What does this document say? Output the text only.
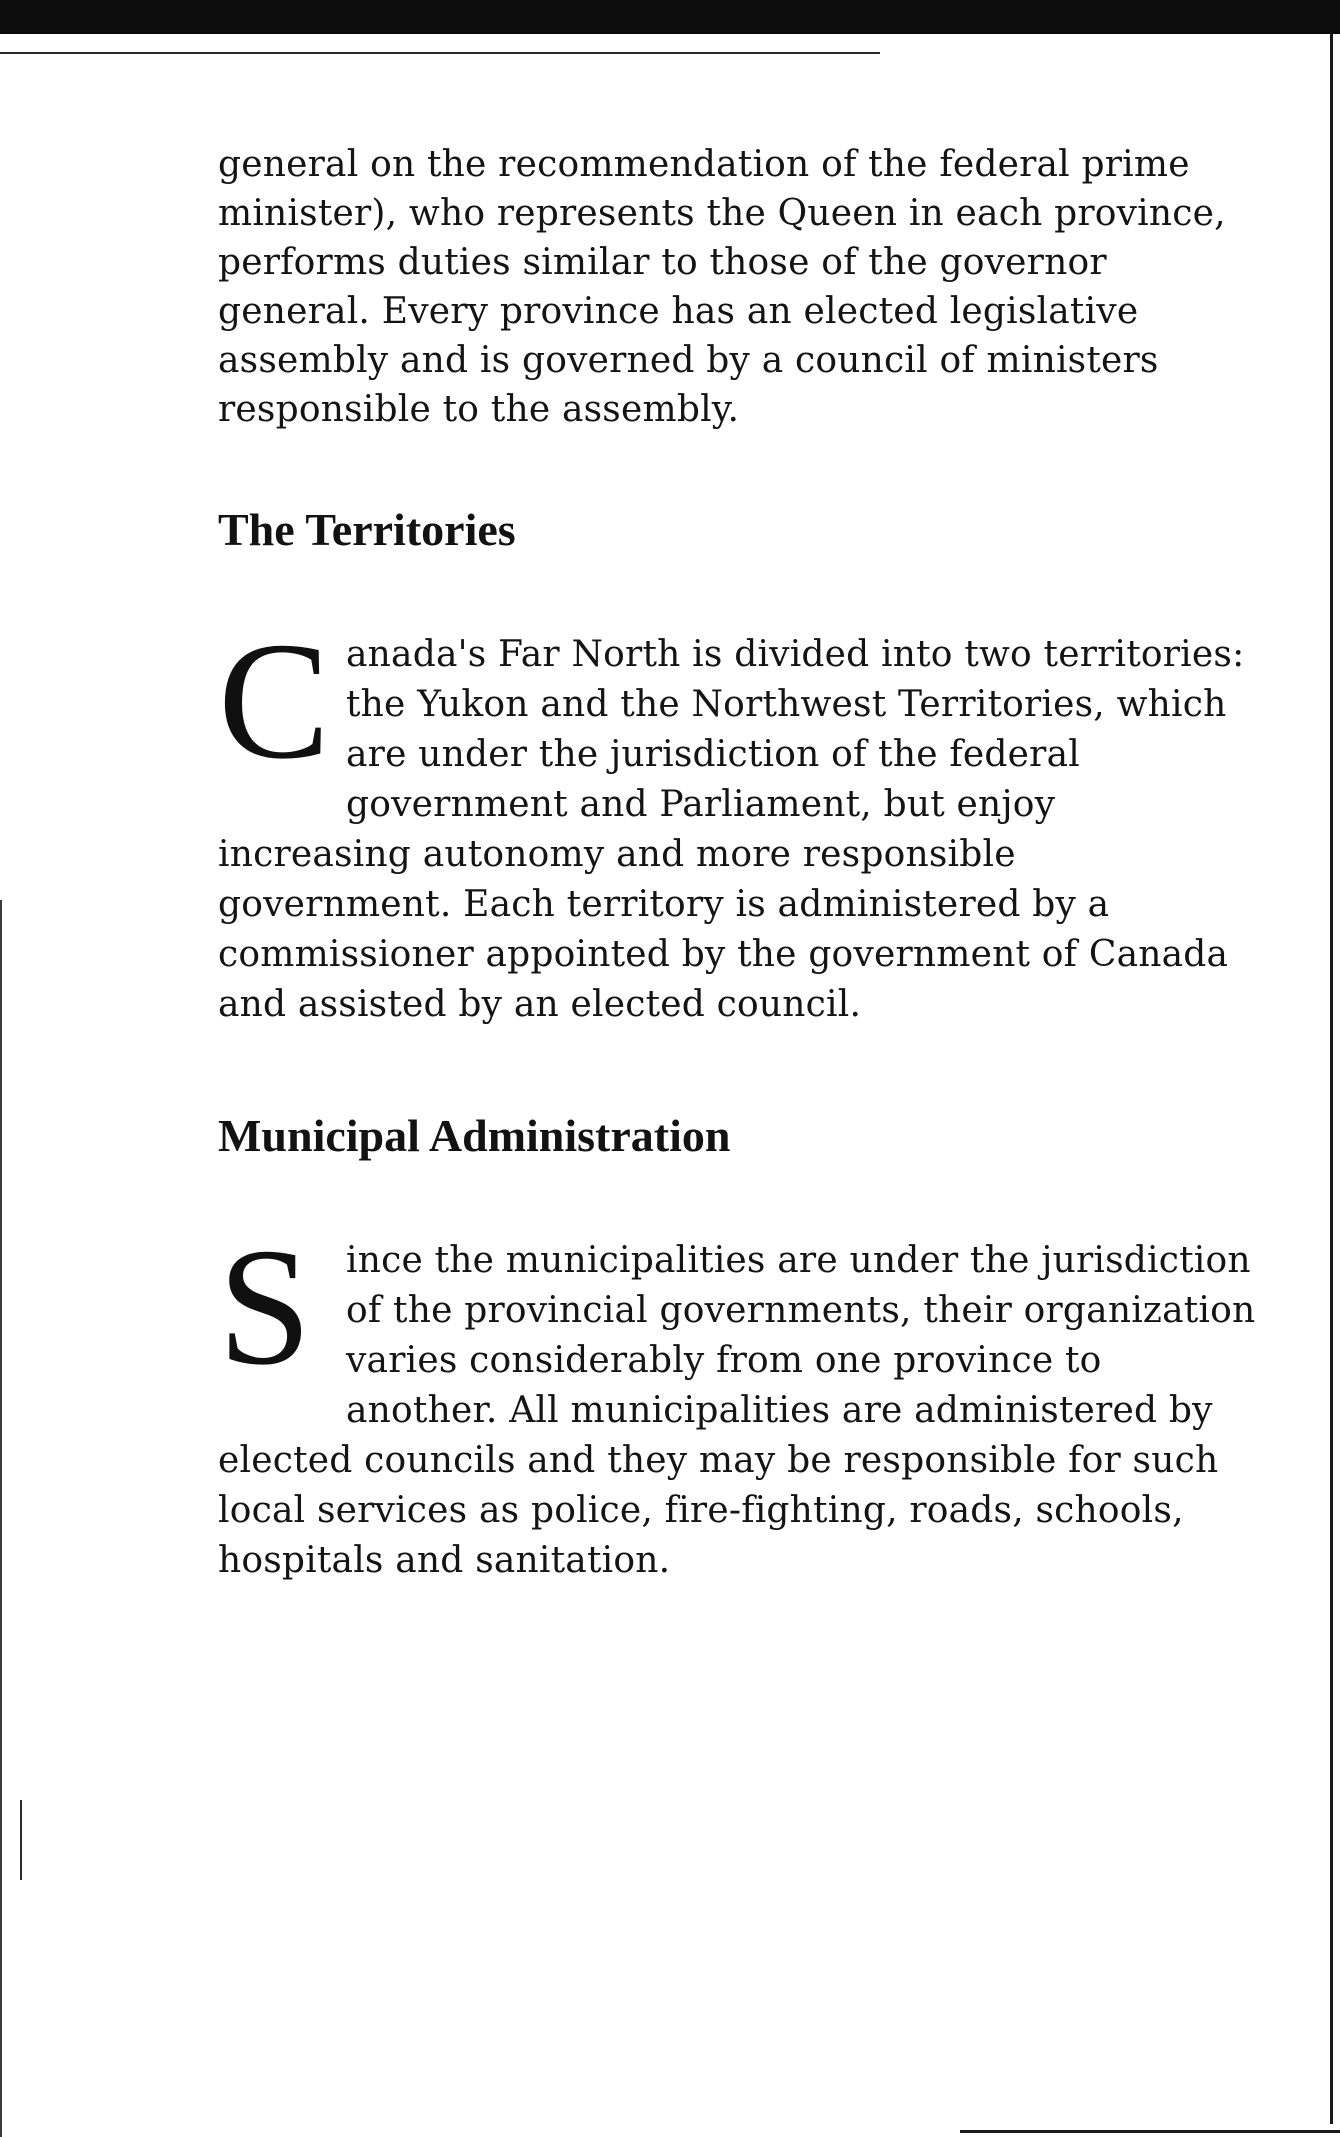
general on the recommendation of the federal prime minister), who represents the Queen in each province, performs duties similar to those of the governor general. Every province has an elected legislative assembly and is governed by a council of ministers responsible to the assembly.

The Territories
C anada's Far North is divided into two territories: the Yukon and the Northwest Territories, which are under the jurisdiction of the federal government and Parliament, but enjoy increasing autonomy and more responsible government. Each territory is administered by a commissioner appointed by the government of Canada and assisted by an elected council.

Municipal Administration
S ince the municipalities are under the jurisdiction of the provincial governments, their organization varies considerably from one province to another. All municipalities are administered by elected councils and they may be responsible for such local services as police, fire-fighting, roads, schools, hospitals and sanitation.
